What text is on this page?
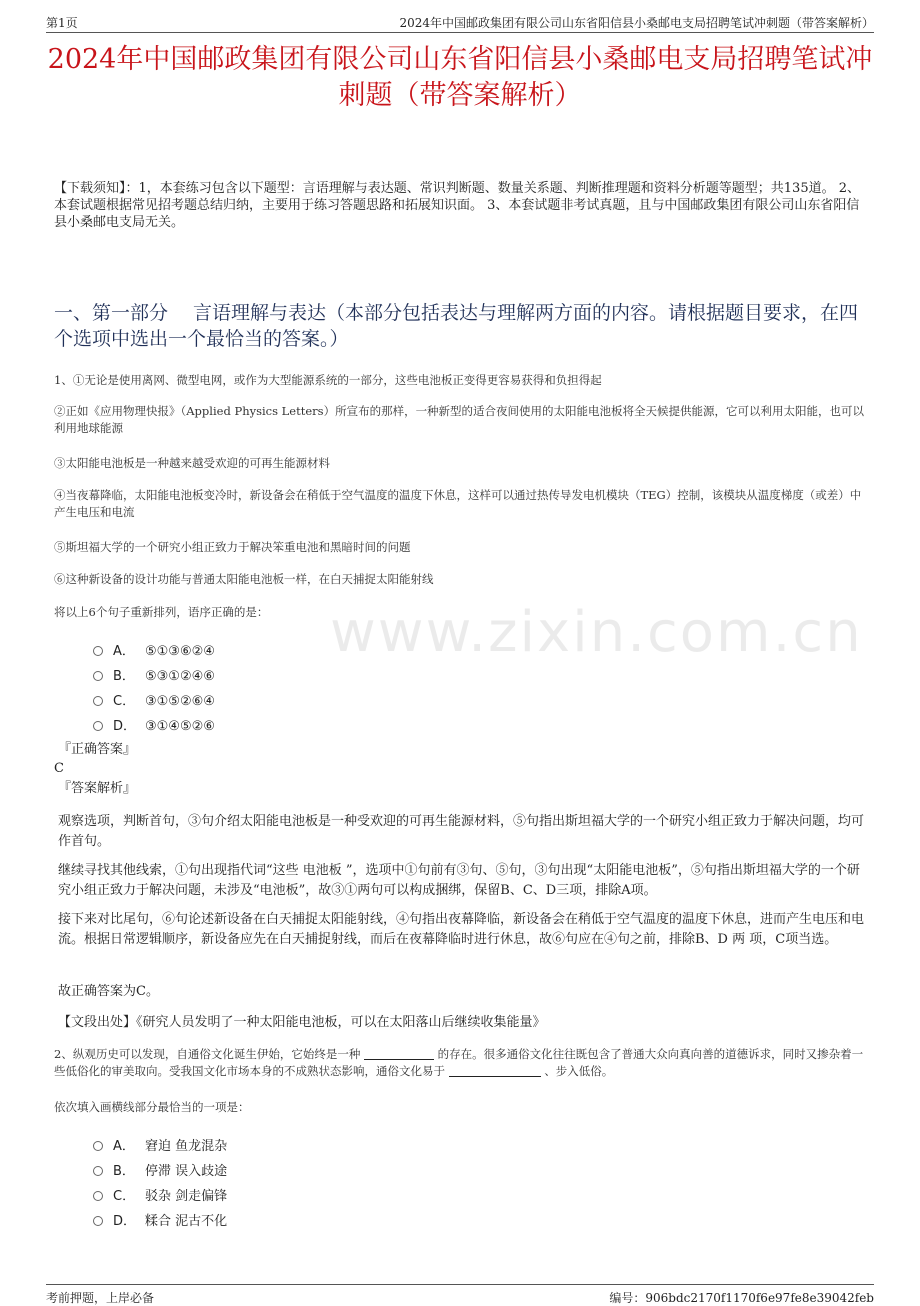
第1页	2024年中国邮政集团有限公司山东省阳信县小桑邮电支局招聘笔试冲刺题（带答案解析）
2024年中国邮政集团有限公司山东省阳信县小桑邮电支局招聘笔试冲刺题（带答案解析）
【下载须知】：1，本套练习包含以下题型：言语理解与表达题、常识判断题、数量关系题、判断推理题和资料分析题等题型；共135道。 2、本套试题根据常见招考题总结归纳，主要用于练习答题思路和拓展知识面。 3、本套试题非考试真题，且与中国邮政集团有限公司山东省阳信县小桑邮电支局无关。
一、第一部分　 言语理解与表达（本部分包括表达与理解两方面的内容。请根据题目要求，在四个选项中选出一个最恰当的答案。）
1、①无论是使用离网、微型电网，或作为大型能源系统的一部分，这些电池板正变得更容易获得和负担得起
②正如《应用物理快报》（Applied Physics Letters）所宣布的那样，一种新型的适合夜间使用的太阳能电池板将全天候提供能源，它可以利用太阳能，也可以利用地球能源
③太阳能电池板是一种越来越受欢迎的可再生能源材料
④当夜幕降临，太阳能电池板变冷时，新设备会在稍低于空气温度的温度下休息，这样可以通过热传导发电机模块（TEG）控制，该模块从温度梯度（或差）中产生电压和电流
⑤斯坦福大学的一个研究小组正致力于解决笨重电池和黑暗时间的问题
⑥这种新设备的设计功能与普通太阳能电池板一样，在白天捕捉太阳能射线
将以上6个句子重新排列，语序正确的是：
A． ⑤①③⑥②④
B． ⑤③①②④⑥
C． ③①⑤②⑥④
D． ③①④⑤②⑥
『正确答案』
C
『答案解析』
观察选项，判断首句，③句介绍太阳能电池板是一种受欢迎的可再生能源材料，⑤句指出斯坦福大学的一个研究小组正致力于解决问题，均可作首句。
继续寻找其他线索，①句出现指代词“这些 电池板 ”，选项中①句前有③句、⑤句，③句出现“太阳能电池板”，⑤句指出斯坦福大学的一个研究小组正致力于解决问题，未涉及“电池板”，故③①两句可以构成捆绑，保留B、C、D三项，排除A项。
接下来对比尾句，⑥句论述新设备在白天捕捉太阳能射线，④句指出夜幕降临，新设备会在稍低于空气温度的温度下休息，进而产生电压和电流。根据日常逻辑顺序，新设备应先在白天捕捉射线，而后在夜幕降临时进行休息，故⑥句应在④句之前，排除B、D 两 项，C项当选。
故正确答案为C。
【文段出处】《研究人员发明了一种太阳能电池板，可以在太阳落山后继续收集能量》
2、纵观历史可以发现，自通俗文化诞生伊始，它始终是一种	的存在。很多通俗文化往往既包含了普通大众向真向善的道德诉求，同时又掺杂着一些低俗化的审美取向。受我国文化市场本身的不成熟状态影响，通俗文化易于	、步入低俗。
依次填入画横线部分最恰当的一项是：
A． 窘迫 鱼龙混杂
B． 停滞 误入歧途
C． 驳杂 剑走偏锋
D． 糅合 泥古不化
www.zixin.com.cn
考前押题，上岸必备	编号：906bdc2170f1170f6e97fe8e39042feb
